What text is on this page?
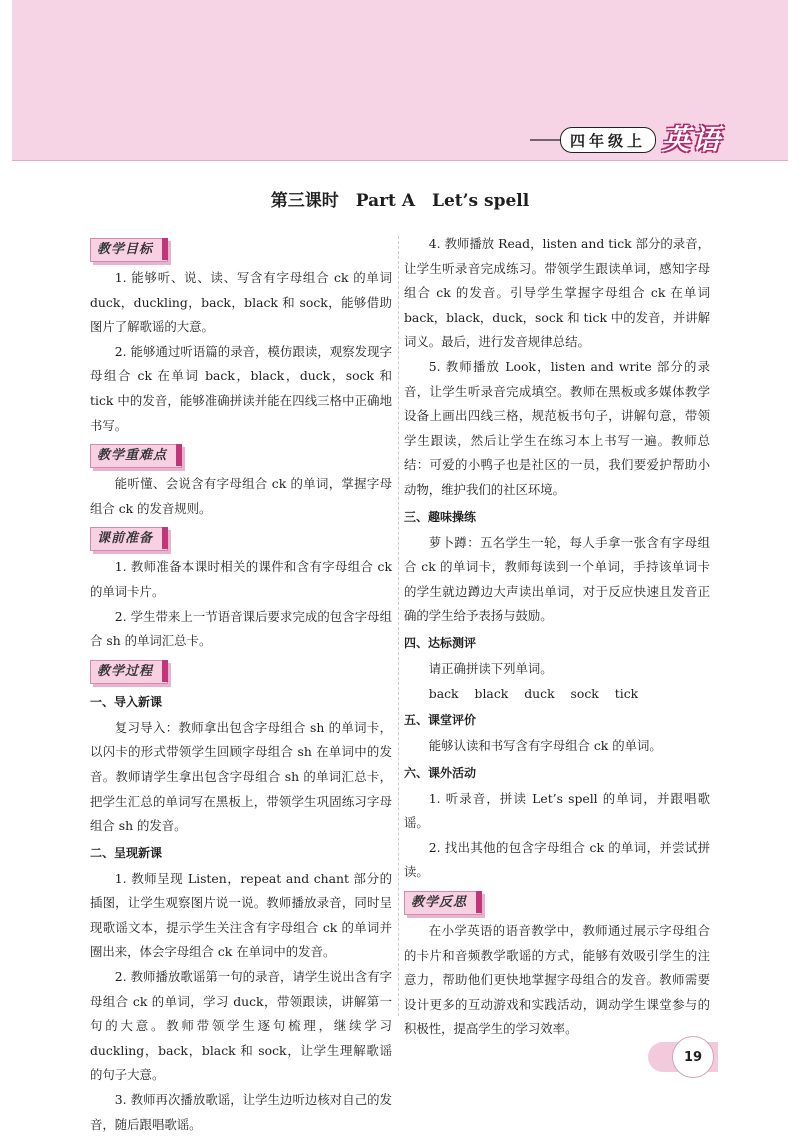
四年级上 英语
第三课时　Part A　Let’s spell
教学目标

1. 能够听、说、读、写含有字母组合 ck 的单词 duck，duckling，back，black 和 sock，能够借助图片了解歌谣的大意。

2. 能够通过听语篇的录音，模仿跟读，观察发现字母组合 ck 在单词 back，black，duck，sock 和 tick 中的发音，能够准确拼读并能在四线三格中正确地书写。

教学重难点

能听懂、会说含有字母组合 ck 的单词，掌握字母组合 ck 的发音规则。

课前准备

1. 教师准备本课时相关的课件和含有字母组合 ck 的单词卡片。

2. 学生带来上一节语音课后要求完成的包含字母组合 sh 的单词汇总卡。

教学过程
一、导入新课

复习导入：教师拿出包含字母组合 sh 的单词卡，以闪卡的形式带领学生回顾字母组合 sh 在单词中的发音。教师请学生拿出包含字母组合 sh 的单词汇总卡，把学生汇总的单词写在黑板上，带领学生巩固练习字母组合 sh 的发音。

二、呈现新课

1. 教师呈现 Listen，repeat and chant 部分的插图，让学生观察图片说一说。教师播放录音，同时呈现歌谣文本，提示学生关注含有字母组合 ck 的单词并圈出来，体会字母组合 ck 在单词中的发音。

2. 教师播放歌谣第一句的录音，请学生说出含有字母组合 ck 的单词，学习 duck，带领跟读，讲解第一句的大意。教师带领学生逐句梳理，继续学习 duckling，back，black 和 sock，让学生理解歌谣的句子大意。

3. 教师再次播放歌谣，让学生边听边核对自己的发音，随后跟唱歌谣。

4. 教师播放 Read，listen and tick 部分的录音，让学生听录音完成练习。带领学生跟读单词，感知字母组合 ck 的发音。引导学生掌握字母组合 ck 在单词 back，black，duck，sock 和 tick 中的发音，并讲解词义。最后，进行发音规律总结。

5. 教师播放 Look，listen and write 部分的录音，让学生听录音完成填空。教师在黑板或多媒体教学设备上画出四线三格，规范板书句子，讲解句意，带领学生跟读，然后让学生在练习本上书写一遍。教师总结：可爱的小鸭子也是社区的一员，我们要爱护帮助小动物，维护我们的社区环境。

三、趣味操练

萝卜蹲：五名学生一轮，每人手拿一张含有字母组合 ck 的单词卡，教师每读到一个单词，手持该单词卡的学生就边蹲边大声读出单词，对于反应快速且发音正确的学生给予表扬与鼓励。

四、达标测评

请正确拼读下列单词。

back black duck sock tick

五、课堂评价

能够认读和书写含有字母组合 ck 的单词。

六、课外活动

1. 听录音，拼读 Let’s spell 的单词，并跟唱歌谣。

2. 找出其他的包含字母组合 ck 的单词，并尝试拼读。

教学反思

在小学英语的语音教学中，教师通过展示字母组合的卡片和音频教学歌谣的方式，能够有效吸引学生的注意力，帮助他们更快地掌握字母组合的发音。教师需要设计更多的互动游戏和实践活动，调动学生课堂参与的积极性，提高学生的学习效率。

19
